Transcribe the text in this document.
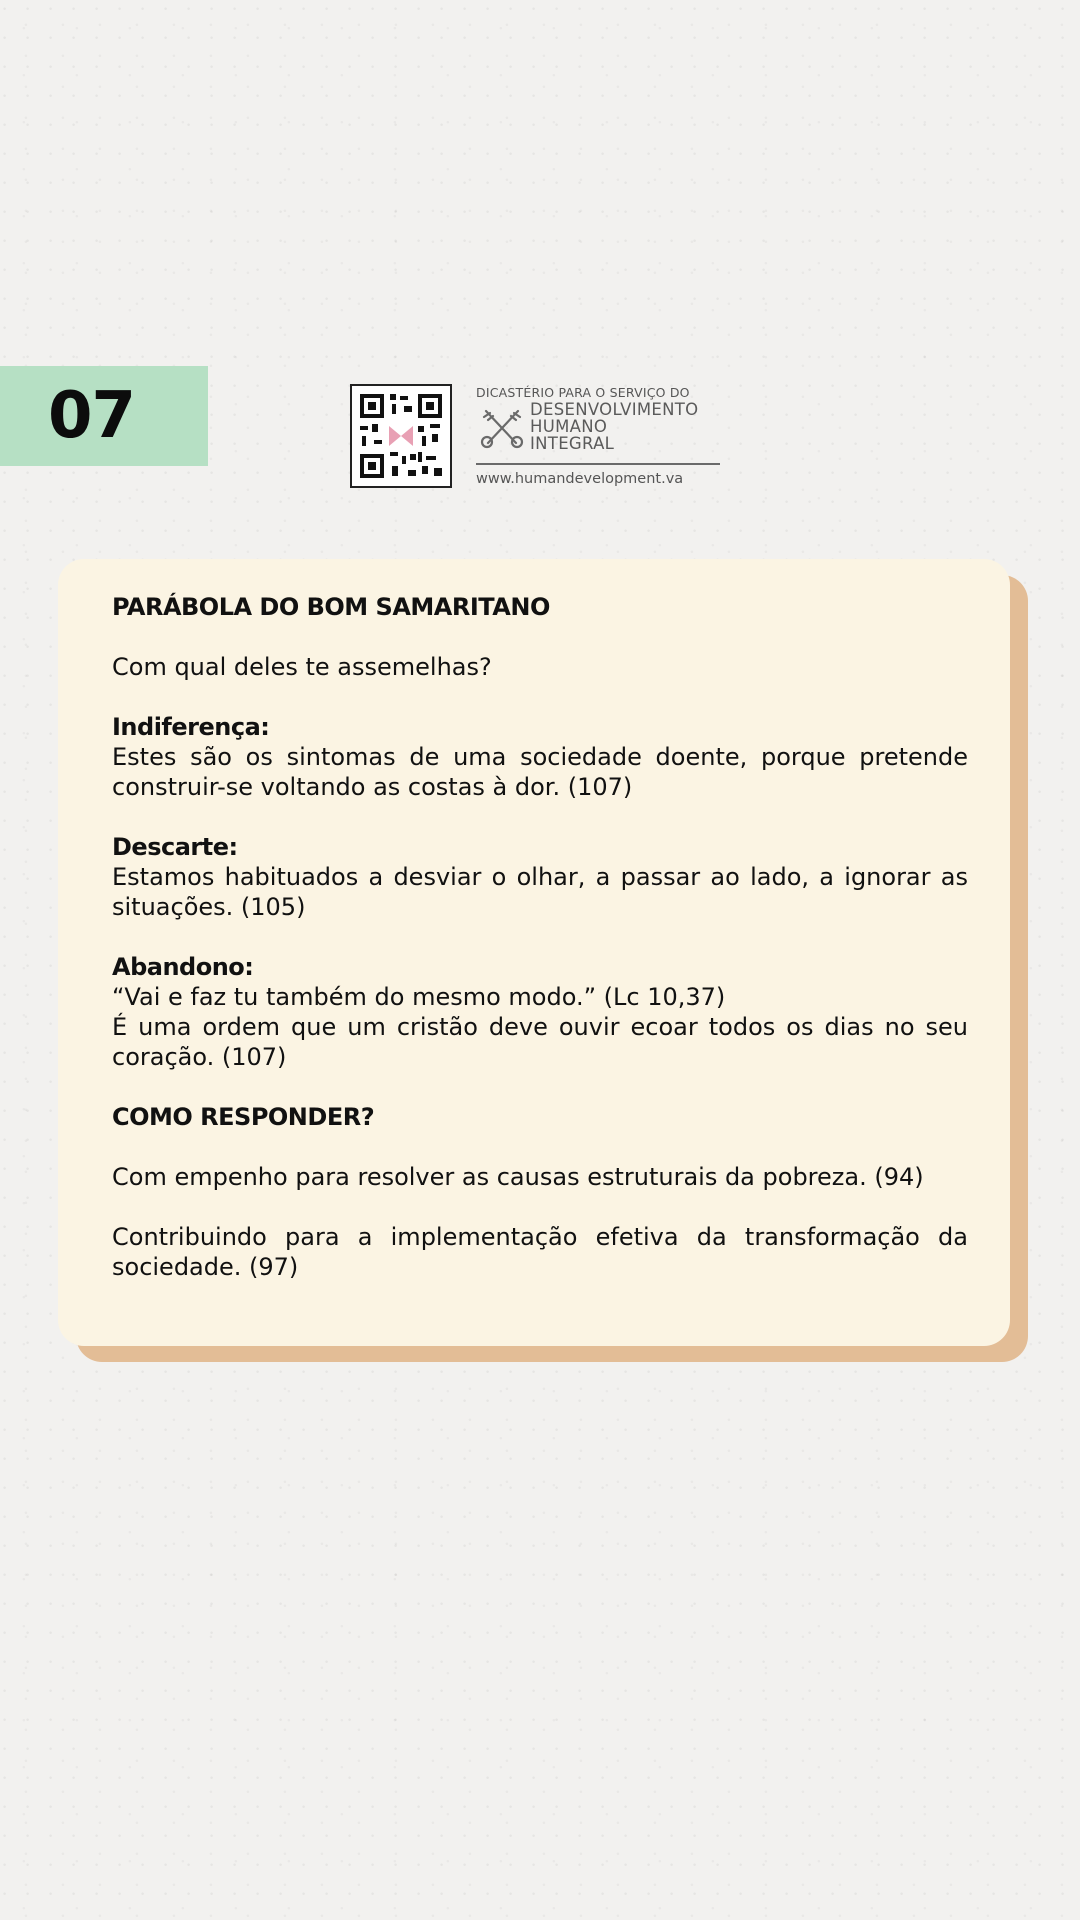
07	DICASTÉRIO PARA O SERVIÇO DO
DESENVOLVIMENTO
HUMANO
INTEGRAL
www.humandevelopment.va

PARÁBOLA DO BOM SAMARITANO

Com qual deles te assemelhas?

Indiferença:

Estes são os sintomas de uma sociedade doente, porque pretende construir-se voltando as costas à dor. (107)

Descarte:

Estamos habituados a desviar o olhar, a passar ao lado, a ignorar as situações. (105)

Abandono:

“Vai e faz tu também do mesmo modo.” (Lc 10,37)

É uma ordem que um cristão deve ouvir ecoar todos os dias no seu coração. (107)

COMO RESPONDER?

Com empenho para resolver as causas estruturais da pobreza. (94)

Contribuindo para a implementação efetiva da transformação da sociedade. (97)
